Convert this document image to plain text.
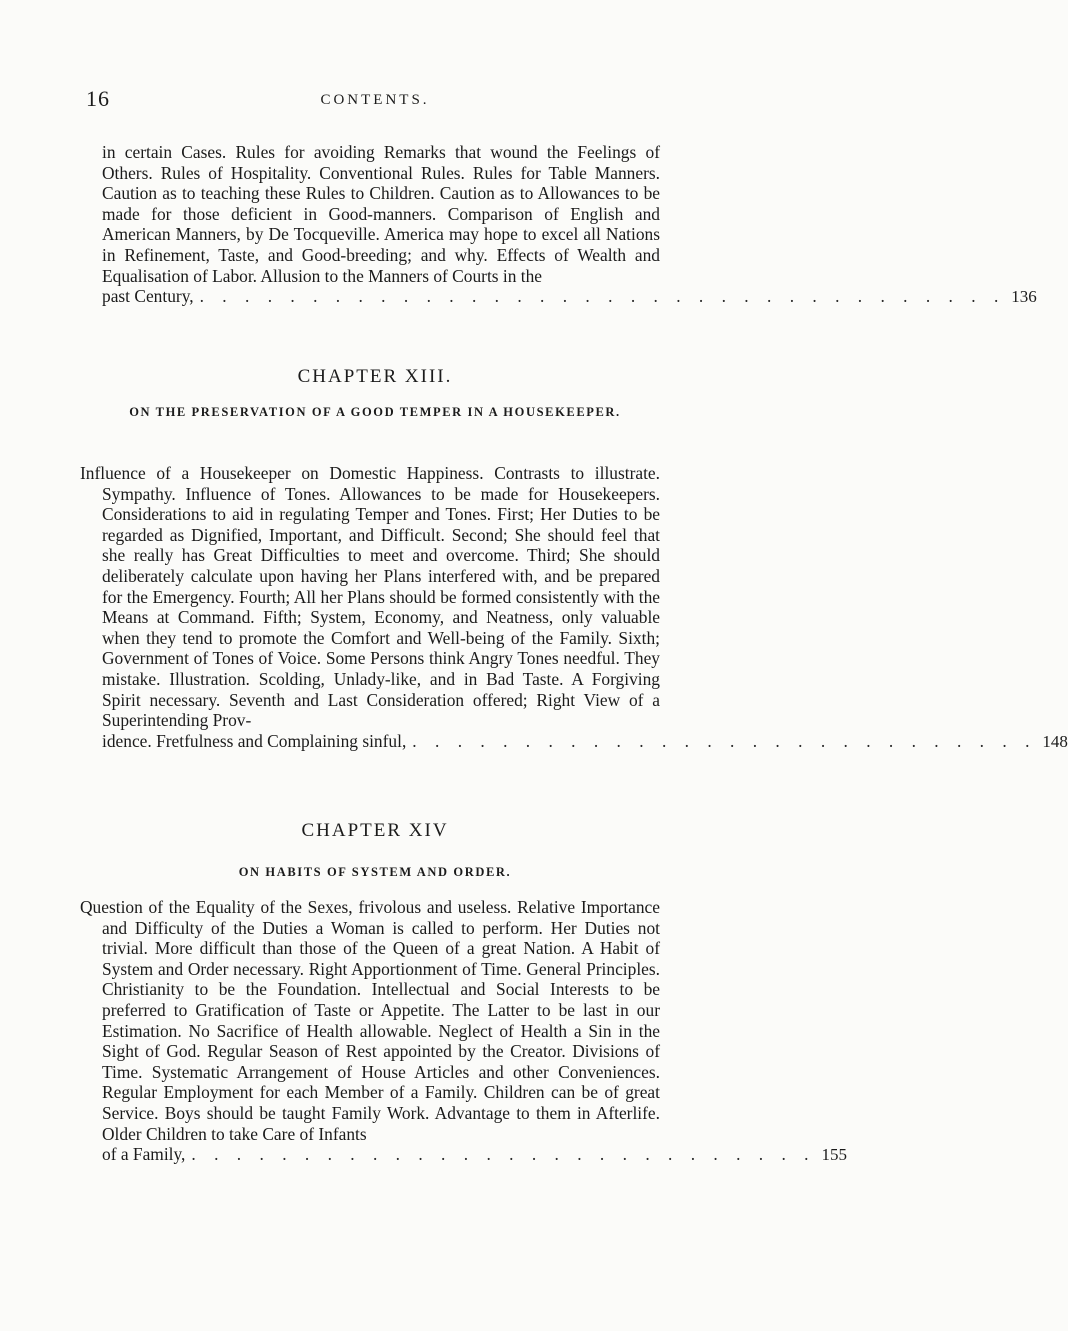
16	CONTENTS.

in certain Cases. Rules for avoiding Remarks that wound the Feelings of Others. Rules of Hospitality. Conventional Rules. Rules for Table Manners. Caution as to teaching these Rules to Children. Caution as to Allowances to be made for those deficient in Good-manners. Comparison of English and American Manners, by De Tocqueville. America may hope to excel all Nations in Refinement, Taste, and Good-breeding; and why. Effects of Wealth and Equalisation of Labor. Allusion to the Manners of Courts in the

past Century, . . . . . . . . . . . . . . . . . . . . . . . . . . . . . . . . . . . . 136
CHAPTER XIII.
ON THE PRESERVATION OF A GOOD TEMPER IN A HOUSEKEEPER.

Influence of a Housekeeper on Domestic Happiness. Contrasts to illustrate. Sympathy. Influence of Tones. Allowances to be made for Housekeepers. Considerations to aid in regulating Temper and Tones. First; Her Duties to be regarded as Dignified, Important, and Difficult. Second; She should feel that she really has Great Difficulties to meet and overcome. Third; She should deliberately calculate upon having her Plans interfered with, and be prepared for the Emergency. Fourth; All her Plans should be formed consistently with the Means at Command. Fifth; System, Economy, and Neatness, only valuable when they tend to promote the Comfort and Well-being of the Family. Sixth; Government of Tones of Voice. Some Persons think Angry Tones needful. They mistake. Illustration. Scolding, Unlady-like, and in Bad Taste. A Forgiving Spirit necessary. Seventh and Last Consideration offered; Right View of a Superintending Prov-

idence. Fretfulness and Complaining sinful, . . . . . . . . . . . . . . . . . . . . . . . . . . . . 148
CHAPTER XIV
ON HABITS OF SYSTEM AND ORDER.

Question of the Equality of the Sexes, frivolous and useless. Relative Importance and Difficulty of the Duties a Woman is called to perform. Her Duties not trivial. More difficult than those of the Queen of a great Nation. A Habit of System and Order necessary. Right Apportionment of Time. General Principles. Christianity to be the Foundation. Intellectual and Social Interests to be preferred to Gratification of Taste or Appetite. The Latter to be last in our Estimation. No Sacrifice of Health allowable. Neglect of Health a Sin in the Sight of God. Regular Season of Rest appointed by the Creator. Divisions of Time. Systematic Arrangement of House Articles and other Conveniences. Regular Employment for each Member of a Family. Children can be of great Service. Boys should be taught Family Work. Advantage to them in Afterlife. Older Children to take Care of Infants

of a Family, . . . . . . . . . . . . . . . . . . . . . . . . . . . . 155
